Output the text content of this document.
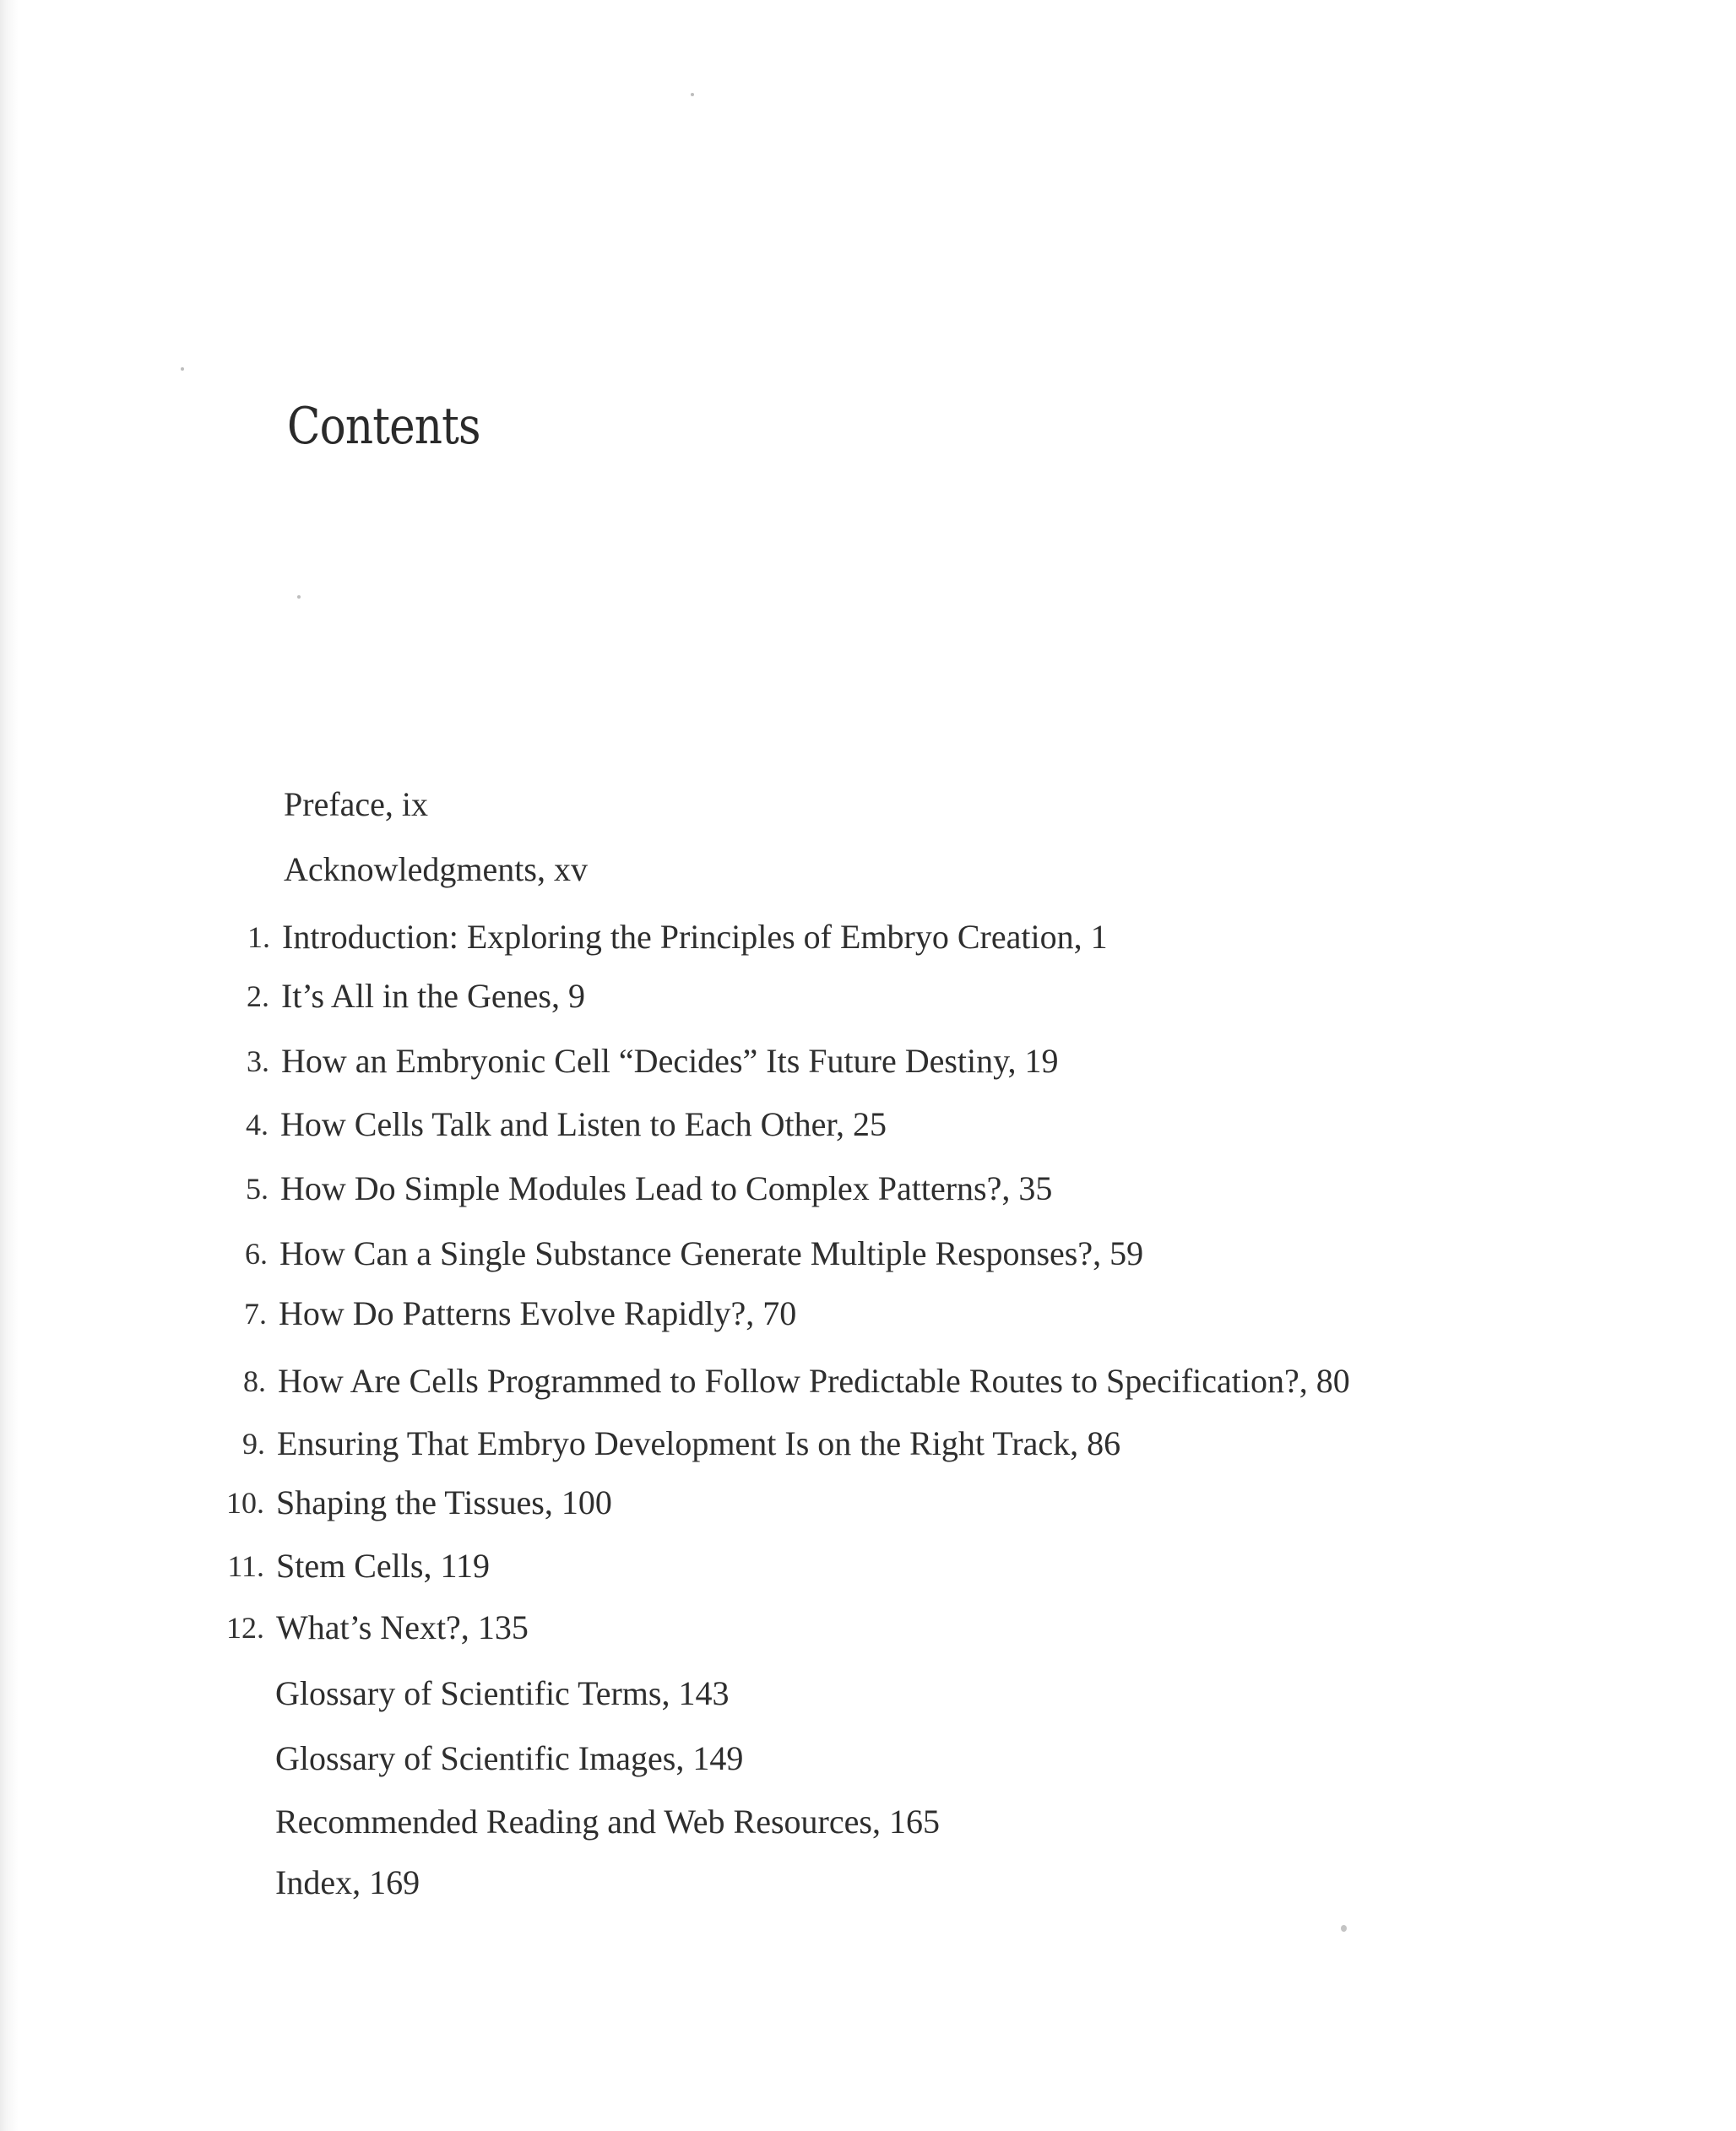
Contents
Preface, ix
Acknowledgments, xv
1. Introduction: Exploring the Principles of Embryo Creation, 1
2. It’s All in the Genes, 9
3. How an Embryonic Cell “Decides” Its Future Destiny, 19
4. How Cells Talk and Listen to Each Other, 25
5. How Do Simple Modules Lead to Complex Patterns?, 35
6. How Can a Single Substance Generate Multiple Responses?, 59
7. How Do Patterns Evolve Rapidly?, 70
8. How Are Cells Programmed to Follow Predictable Routes to Specification?, 80
9. Ensuring That Embryo Development Is on the Right Track, 86
10. Shaping the Tissues, 100
11. Stem Cells, 119
12. What’s Next?, 135
Glossary of Scientific Terms, 143
Glossary of Scientific Images, 149
Recommended Reading and Web Resources, 165
Index, 169
